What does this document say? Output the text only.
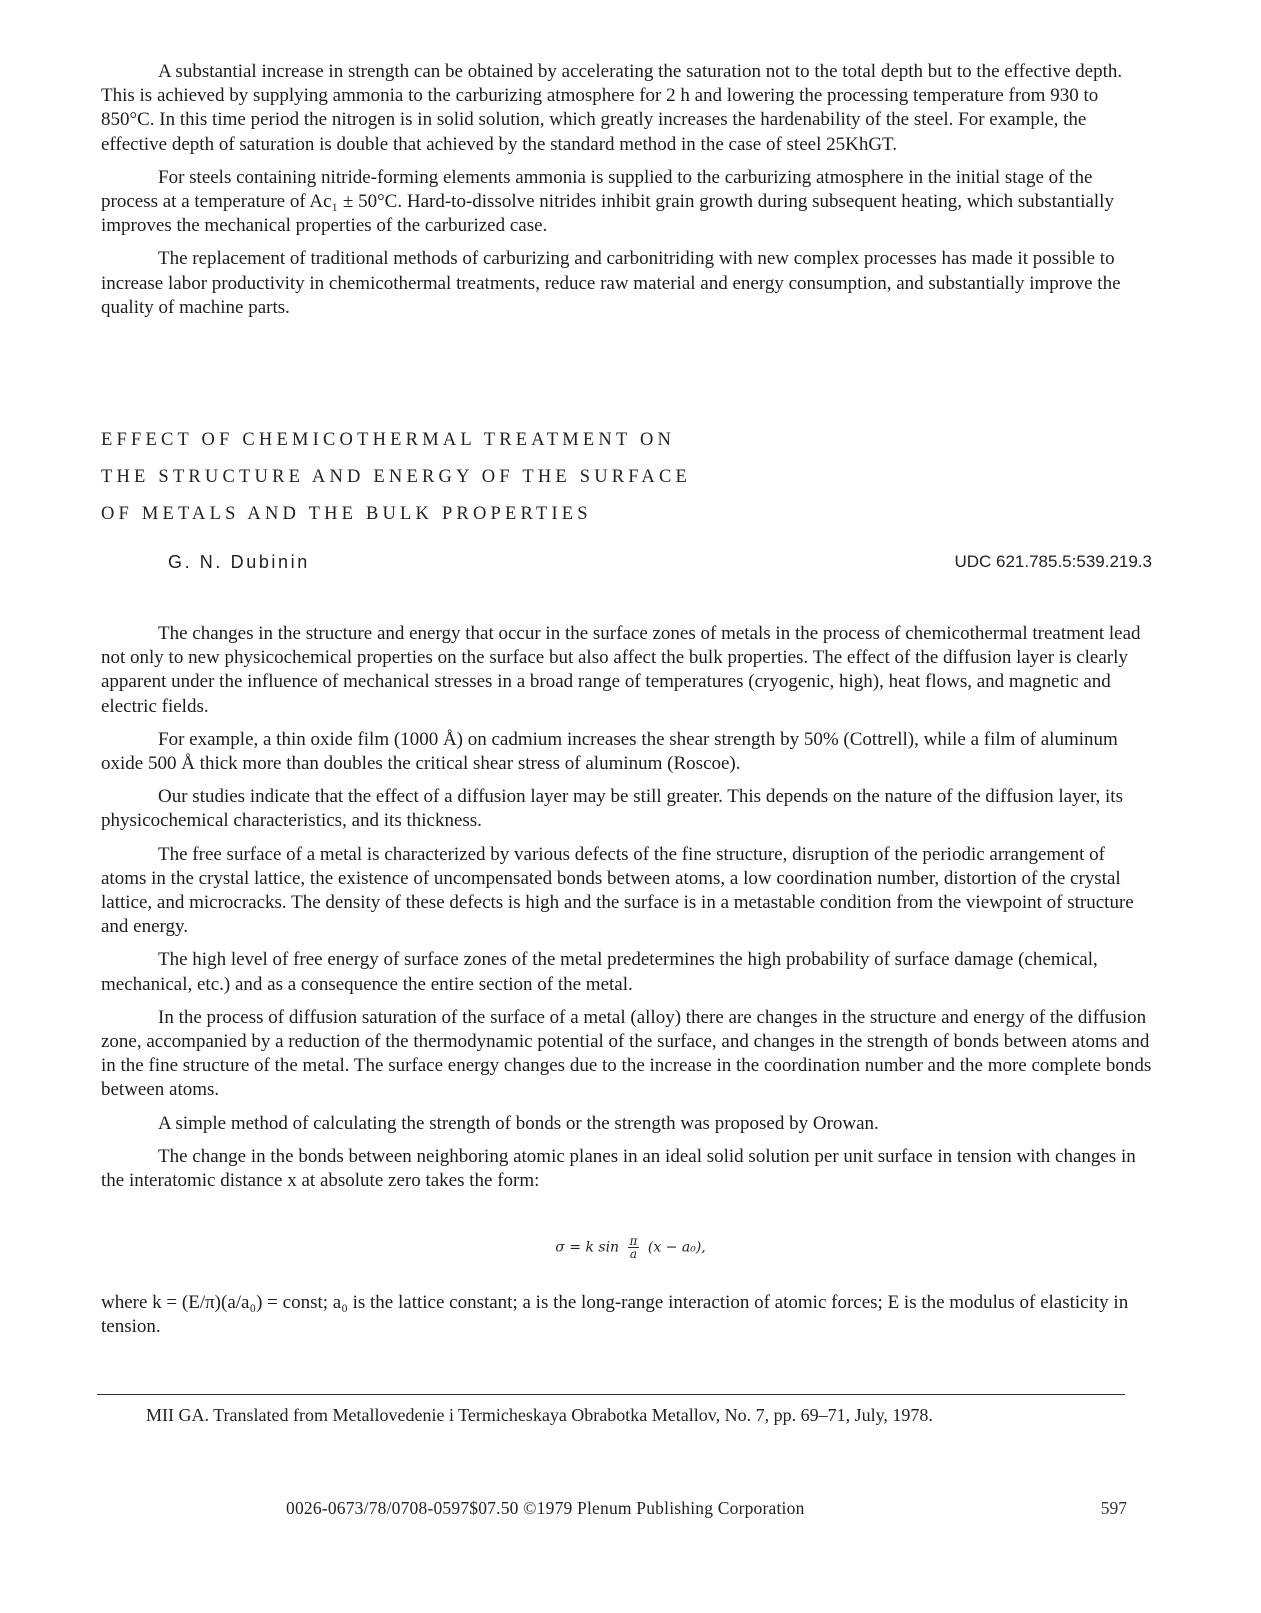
A substantial increase in strength can be obtained by accelerating the saturation not to the total depth but to the effective depth. This is achieved by supplying ammonia to the carburizing atmosphere for 2 h and lowering the processing temperature from 930 to 850°C. In this time period the nitrogen is in solid solution, which greatly increases the hardenability of the steel. For example, the effective depth of saturation is double that achieved by the standard method in the case of steel 25KhGT.

For steels containing nitride-forming elements ammonia is supplied to the carburizing atmosphere in the initial stage of the process at a temperature of Ac₁ ± 50°C. Hard-to-dissolve nitrides inhibit grain growth during subsequent heating, which substantially improves the mechanical properties of the carburized case.

The replacement of traditional methods of carburizing and carbonitriding with new complex processes has made it possible to increase labor productivity in chemicothermal treatments, reduce raw material and energy consumption, and substantially improve the quality of machine parts.

EFFECT OF CHEMICOTHERMAL TREATMENT ON
THE STRUCTURE AND ENERGY OF THE SURFACE
OF METALS AND THE BULK PROPERTIES
G. N. Dubinin	UDC 621.785.5:539.219.3

The changes in the structure and energy that occur in the surface zones of metals in the process of chemicothermal treatment lead not only to new physicochemical properties on the surface but also affect the bulk properties. The effect of the diffusion layer is clearly apparent under the influence of mechanical stresses in a broad range of temperatures (cryogenic, high), heat flows, and magnetic and electric fields.

For example, a thin oxide film (1000 Å) on cadmium increases the shear strength by 50% (Cottrell), while a film of aluminum oxide 500 Å thick more than doubles the critical shear stress of aluminum (Roscoe).

Our studies indicate that the effect of a diffusion layer may be still greater. This depends on the nature of the diffusion layer, its physicochemical characteristics, and its thickness.

The free surface of a metal is characterized by various defects of the fine structure, disruption of the periodic arrangement of atoms in the crystal lattice, the existence of uncompensated bonds between atoms, a low coordination number, distortion of the crystal lattice, and microcracks. The density of these defects is high and the surface is in a metastable condition from the viewpoint of structure and energy.

The high level of free energy of surface zones of the metal predetermines the high probability of surface damage (chemical, mechanical, etc.) and as a consequence the entire section of the metal.

In the process of diffusion saturation of the surface of a metal (alloy) there are changes in the structure and energy of the diffusion zone, accompanied by a reduction of the thermodynamic potential of the surface, and changes in the strength of bonds between atoms and in the fine structure of the metal. The surface energy changes due to the increase in the coordination number and the more complete bonds between atoms.

A simple method of calculating the strength of bonds or the strength was proposed by Orowan.

The change in the bonds between neighboring atomic planes in an ideal solid solution per unit surface in tension with changes in the interatomic distance x at absolute zero takes the form:

σ = k $\sin \frac{\pi}{a} (x - a_0)$,

where k = (E/π)(a/a₀) = const; a₀ is the lattice constant; a is the long-range interaction of atomic forces; E is the modulus of elasticity in tension.

MII GA. Translated from Metallovedenie i Termicheskaya Obrabotka Metallov, No. 7, pp. 69–71, July, 1978.
0026-0673/78/0708-0597$07.50 ©1979 Plenum Publishing Corporation	597
